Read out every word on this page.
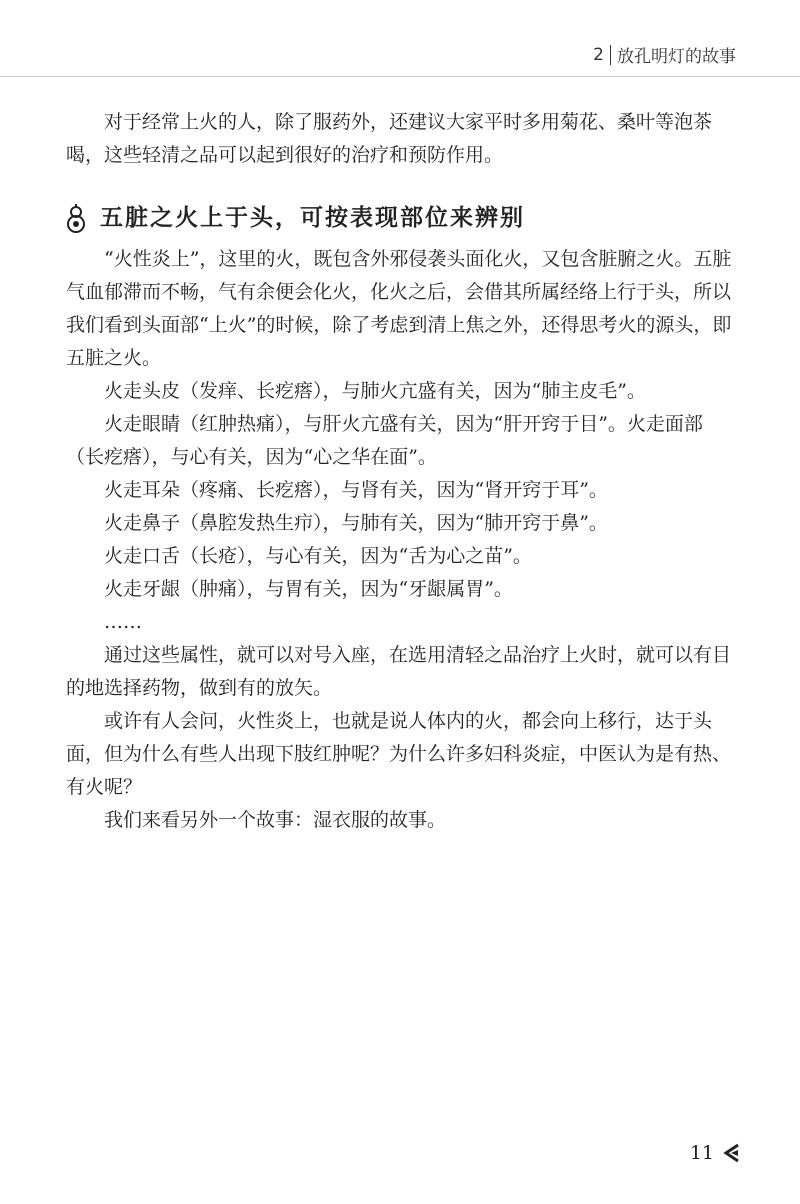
2 放孔明灯的故事

对于经常上火的人，除了服药外，还建议大家平时多用菊花、桑叶等泡茶喝，这些轻清之品可以起到很好的治疗和预防作用。

五脏之火上于头，可按表现部位来辨别

“火性炎上”，这里的火，既包含外邪侵袭头面化火，又包含脏腑之火。五脏气血郁滞而不畅，气有余便会化火，化火之后，会借其所属经络上行于头，所以我们看到头面部“上火”的时候，除了考虑到清上焦之外，还得思考火的源头，即五脏之火。

火走头皮（发痒、长疙瘩），与肺火亢盛有关，因为“肺主皮毛”。

火走眼睛（红肿热痛），与肝火亢盛有关，因为“肝开窍于目”。火走面部（长疙瘩），与心有关，因为“心之华在面”。

火走耳朵（疼痛、长疙瘩），与肾有关，因为“肾开窍于耳”。

火走鼻子（鼻腔发热生疖），与肺有关，因为“肺开窍于鼻”。

火走口舌（长疮），与心有关，因为“舌为心之苗”。

火走牙龈（肿痛），与胃有关，因为“牙龈属胃”。

……

通过这些属性，就可以对号入座，在选用清轻之品治疗上火时，就可以有目的地选择药物，做到有的放矢。

或许有人会问，火性炎上，也就是说人体内的火，都会向上移行，达于头面，但为什么有些人出现下肢红肿呢？为什么许多妇科炎症，中医认为是有热、有火呢？

我们来看另外一个故事：湿衣服的故事。

11
